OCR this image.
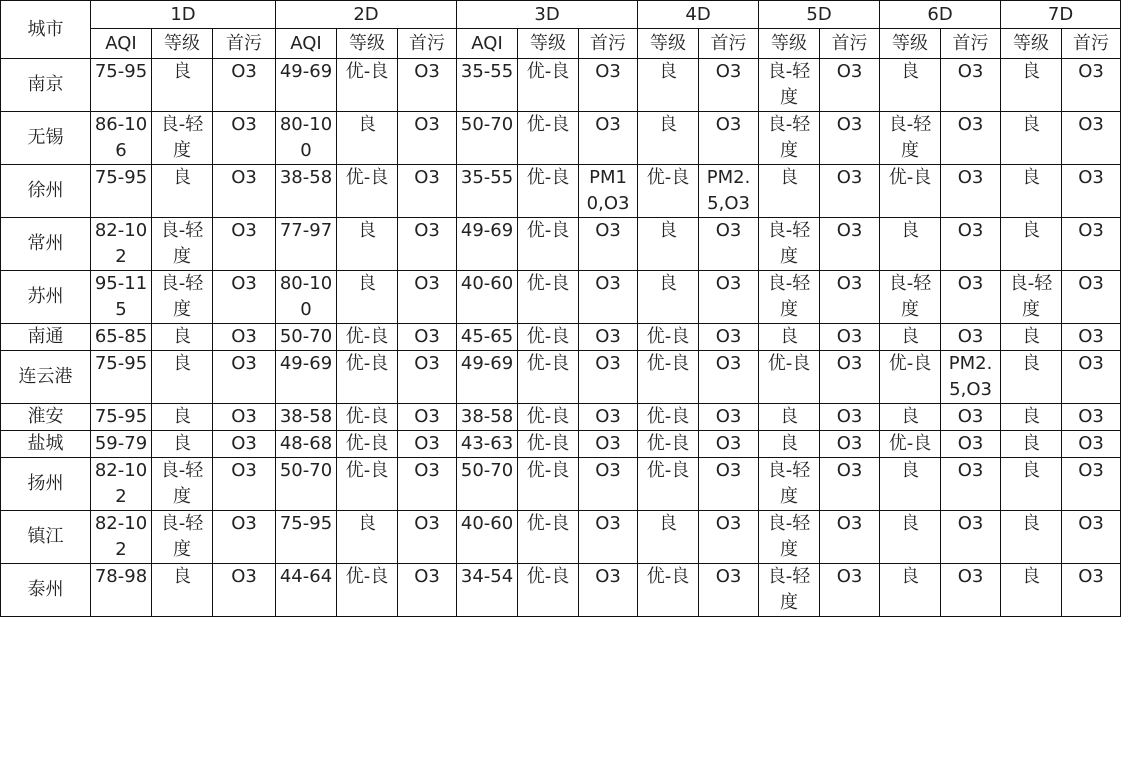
城市	1D			2D			3D			4D		5D		6D		7D	
	AQI	等级	首污	AQI	等级	首污	AQI	等级	首污	等级	首污	等级	首污	等级	首污	等级	首污
南京	75-95	良	O3	49-69	优-良	O3	35-55	优-良	O3	良	O3	良-轻度	O3	良	O3	良	O3

无锡	86-106	良-轻度	O3	80-100	良	O3	50-70	优-良	O3	良	O3	良-轻度	O3	良-轻度	O3	良	O3

徐州	75-95	良	O3	38-58	优-良	O3	35-55	优-良	PM10,O3	优-良	PM2.5,O3	良	O3	优-良	O3	良	O3

常州	82-102	良-轻度	O3	77-97	良	O3	49-69	优-良	O3	良	O3	良-轻度	O3	良	O3	良	O3

苏州	95-115	良-轻度	O3	80-100	良	O3	40-60	优-良	O3	良	O3	良-轻度	O3	良-轻度	O3	良-轻度	O3

南通	65-85	良	O3	50-70	优-良	O3	45-65	优-良	O3	优-良	O3	良	O3	良	O3	良	O3

连云港	75-95	良	O3	49-69	优-良	O3	49-69	优-良	O3	优-良	O3	优-良	O3	优-良	PM2.5,O3	良	O3

淮安	75-95	良	O3	38-58	优-良	O3	38-58	优-良	O3	优-良	O3	良	O3	良	O3	良	O3

盐城	59-79	良	O3	48-68	优-良	O3	43-63	优-良	O3	优-良	O3	良	O3	优-良	O3	良	O3

扬州	82-102	良-轻度	O3	50-70	优-良	O3	50-70	优-良	O3	优-良	O3	良-轻度	O3	良	O3	良	O3

镇江	82-102	良-轻度	O3	75-95	良	O3	40-60	优-良	O3	良	O3	良-轻度	O3	良	O3	良	O3

泰州	78-98	良	O3	44-64	优-良	O3	34-54	优-良	O3	优-良	O3	良-轻度	O3	良	O3	良	O3
